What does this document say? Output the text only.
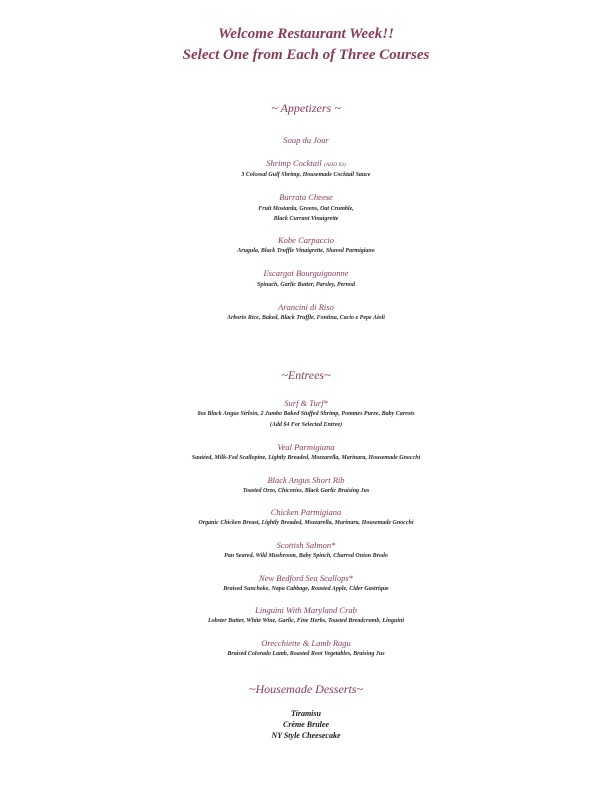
Welcome Restaurant Week!!
Select One from Each of Three Courses
~ Appetizers ~
Soup du Jour
Shrimp Cocktail (ADD $3)
3 Colossal Gulf Shrimp, Housemade Cocktail Sauce
Burrata Cheese
Fruit Mostarda, Greens, Oat Crumble,
Black Currant Vinaigrette
Kobe Carpaccio
Arugula, Black Truffle Vinaigrette, Shaved Parmigiano
Escargot Bourguignonne
Spinach, Garlic Butter, Parsley, Pernod
Arancini di Riso
Arborio Rice, Baked, Black Truffle, Fontina, Cacio e Pepe Aioli
~Entrees~
Surf & Turf*
8oz Black Angus Sirloin, 2 Jumbo Baked Stuffed Shrimp, Pommes Puree, Baby Carrots
(Add $4 For Selected Entree)
Veal Parmigiana
Sautéed, Milk-Fed Scallopine, Lightly Breaded, Mozzarella, Marinara, Housemade Gnocchi
Black Angus Short Rib
Toasted Orzo, Chicories, Black Garlic Braising Jus
Chicken Parmigiana
Organic Chicken Breast, Lightly Breaded, Mozzarella, Marinara, Housemade Gnocchi
Scottish Salmon*
Pan Seared, Wild Mushroom, Baby Spinch, Charred Onion Brodo
New Bedford Sea Scallops*
Braised Sunchoke, Napa Cabbage, Roasted Apple, Cider Gastrique
Linguini With Maryland Crab
Lobster Butter, White Wine, Garlic, Fine Herbs, Toasted Breadcrumb, Linguini
Orecchiette & Lamb Ragu
Braised Colorado Lamb, Roasted Root Vegetables, Braising Jus
~Housemade Desserts~
Tiramisu
Crème Brulee
NY Style Cheesecake
